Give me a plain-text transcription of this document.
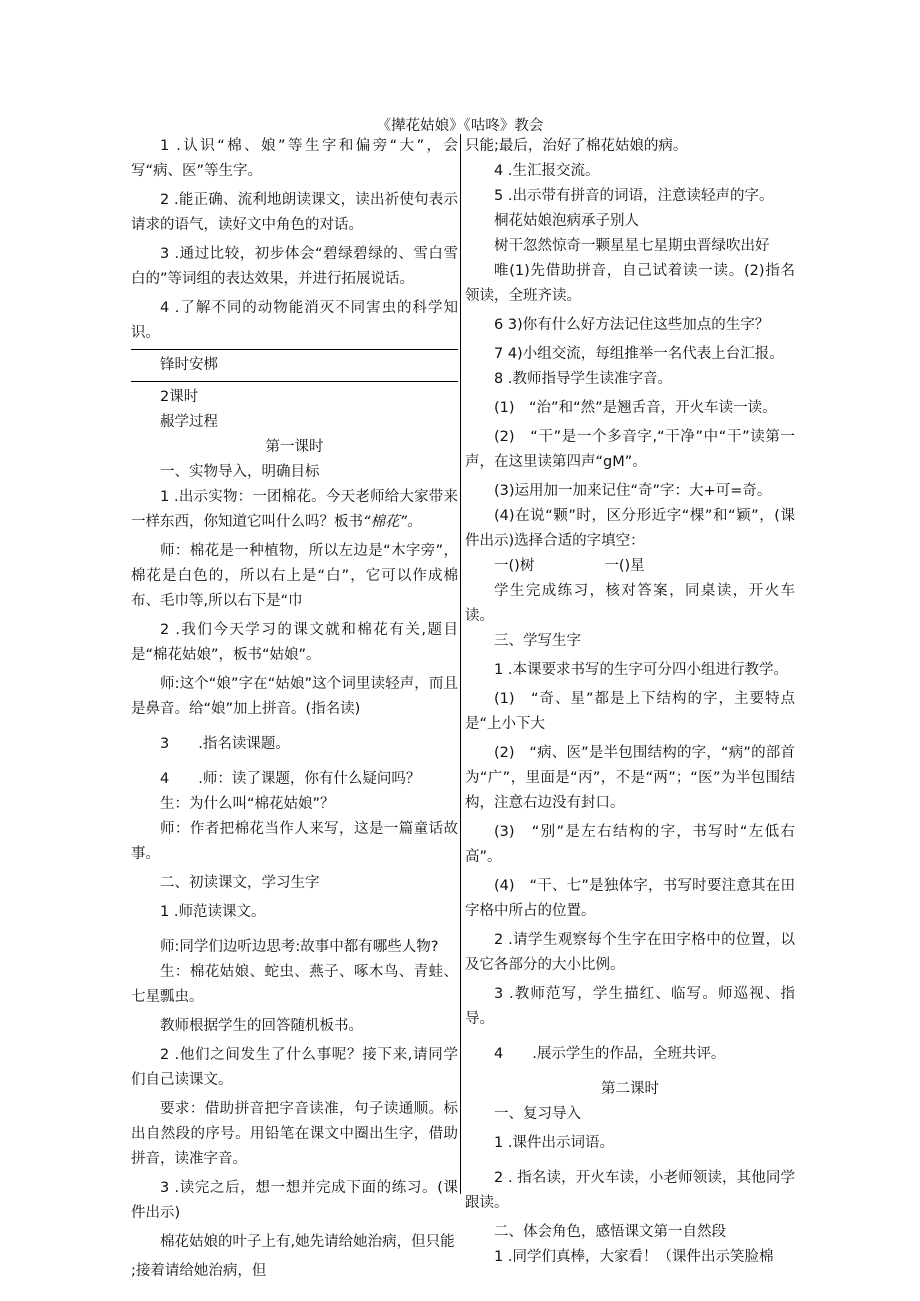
《撵花姑娘》《咕咚》教会

1 .认识“棉、娘”等生字和偏旁“大”，会写“病、医”等生字。

2 .能正确、流利地朗读课文，读出祈使句表示请求的语气，读好文中角色的对话。

3 .通过比较，初步体会“碧绿碧绿的、雪白雪白的”等词组的表达效果，并进行拓展说话。

4 .了解不同的动物能消灭不同害虫的科学知识。

锋时安梆

2课时

赧学过程

第一课时

一、实物导入，明确目标

1 .出示实物：一团棉花。今天老师给大家带来一样东西，你知道它叫什么吗？板书“棉花”。

师：棉花是一种植物，所以左边是“木字旁”，棉花是白色的，所以右上是“白”，它可以作成棉布、毛巾等,所以右下是“巾

2 .我们今天学习的课文就和棉花有关,题目是“棉花姑娘”，板书“姑娘”。

师:这个“娘”字在“姑娘”这个词里读轻声，而且是鼻音。给“娘”加上拼音。(指名读)

3　　.指名读课题。

4　　.师：读了课题，你有什么疑问吗？

生：为什么叫“棉花姑娘”？

师：作者把棉花当作人来写，这是一篇童话故事。

二、初读课文，学习生字

1 .师范读课文。

师:同学们边听边思考:故事中都有哪些人物?

生：棉花姑娘、蛇虫、燕子、啄木鸟、青蛙、七星瓢虫。

教师根据学生的回答随机板书。

2 .他们之间发生了什么事呢？接下来,请同学们自己读课文。

要求：借助拼音把字音读准，句子读通顺。标出自然段的序号。用铅笔在课文中圈出生字，借助拼音，读准字音。

3 .读完之后，想一想并完成下面的练习。(课件出示)

棉花姑娘的叶子上有,她先请给她治病，但只能

;接着请给她治病，但

只能;最后，治好了棉花姑娘的病。

4 .生汇报交流。

5 .出示带有拼音的词语，注意读轻声的字。

桐花姑娘泡病承子别人

树干忽然惊奇一颗星星七星期虫晋绿吹出好

唯(1)先借助拼音，自己试着读一读。(2)指名领读，全班齐读。

6 3)你有什么好方法记住这些加点的生字？

7 4)小组交流，每组推举一名代表上台汇报。

8 .教师指导学生读准字音。

(1)　“治”和“然”是翘舌音，开火车读一读。

(2)　“干”是一个多音字,“干净”中“干”读第一声，在这里读第四声“gM”。

(3)运用加一加来记住“奇”字：大+可=奇。

(4)在说“颗”时，区分形近字“棵”和“颖”，(课件出示)选择合适的字填空：

一()树	一()星

学生完成练习，核对答案，同桌读，开火车读。

三、学写生字

1 .本课要求书写的生字可分四小组进行教学。

(1)　“奇、星”都是上下结构的字，主要特点是“上小下大

(2)　“病、医”是半包围结构的字，“病”的部首为“广”，里面是“丙”，不是“两”；“医”为半包围结构，注意右边没有封口。

(3)　“别”是左右结构的字，书写时“左低右高”。

(4)　“干、七”是独体字，书写时要注意其在田字格中所占的位置。

2 .请学生观察每个生字在田字格中的位置，以及它各部分的大小比例。

3 .教师范写，学生描红、临写。师巡视、指导。

4　　.展示学生的作品，全班共评。

第二课时

一、复习导入

1 .课件出示词语。

2 . 指名读，开火车读，小老师领读，其他同学跟读。

二、体会角色，感悟课文第一自然段

1 .同学们真棒，大家看！（课件出示笑脸棉
